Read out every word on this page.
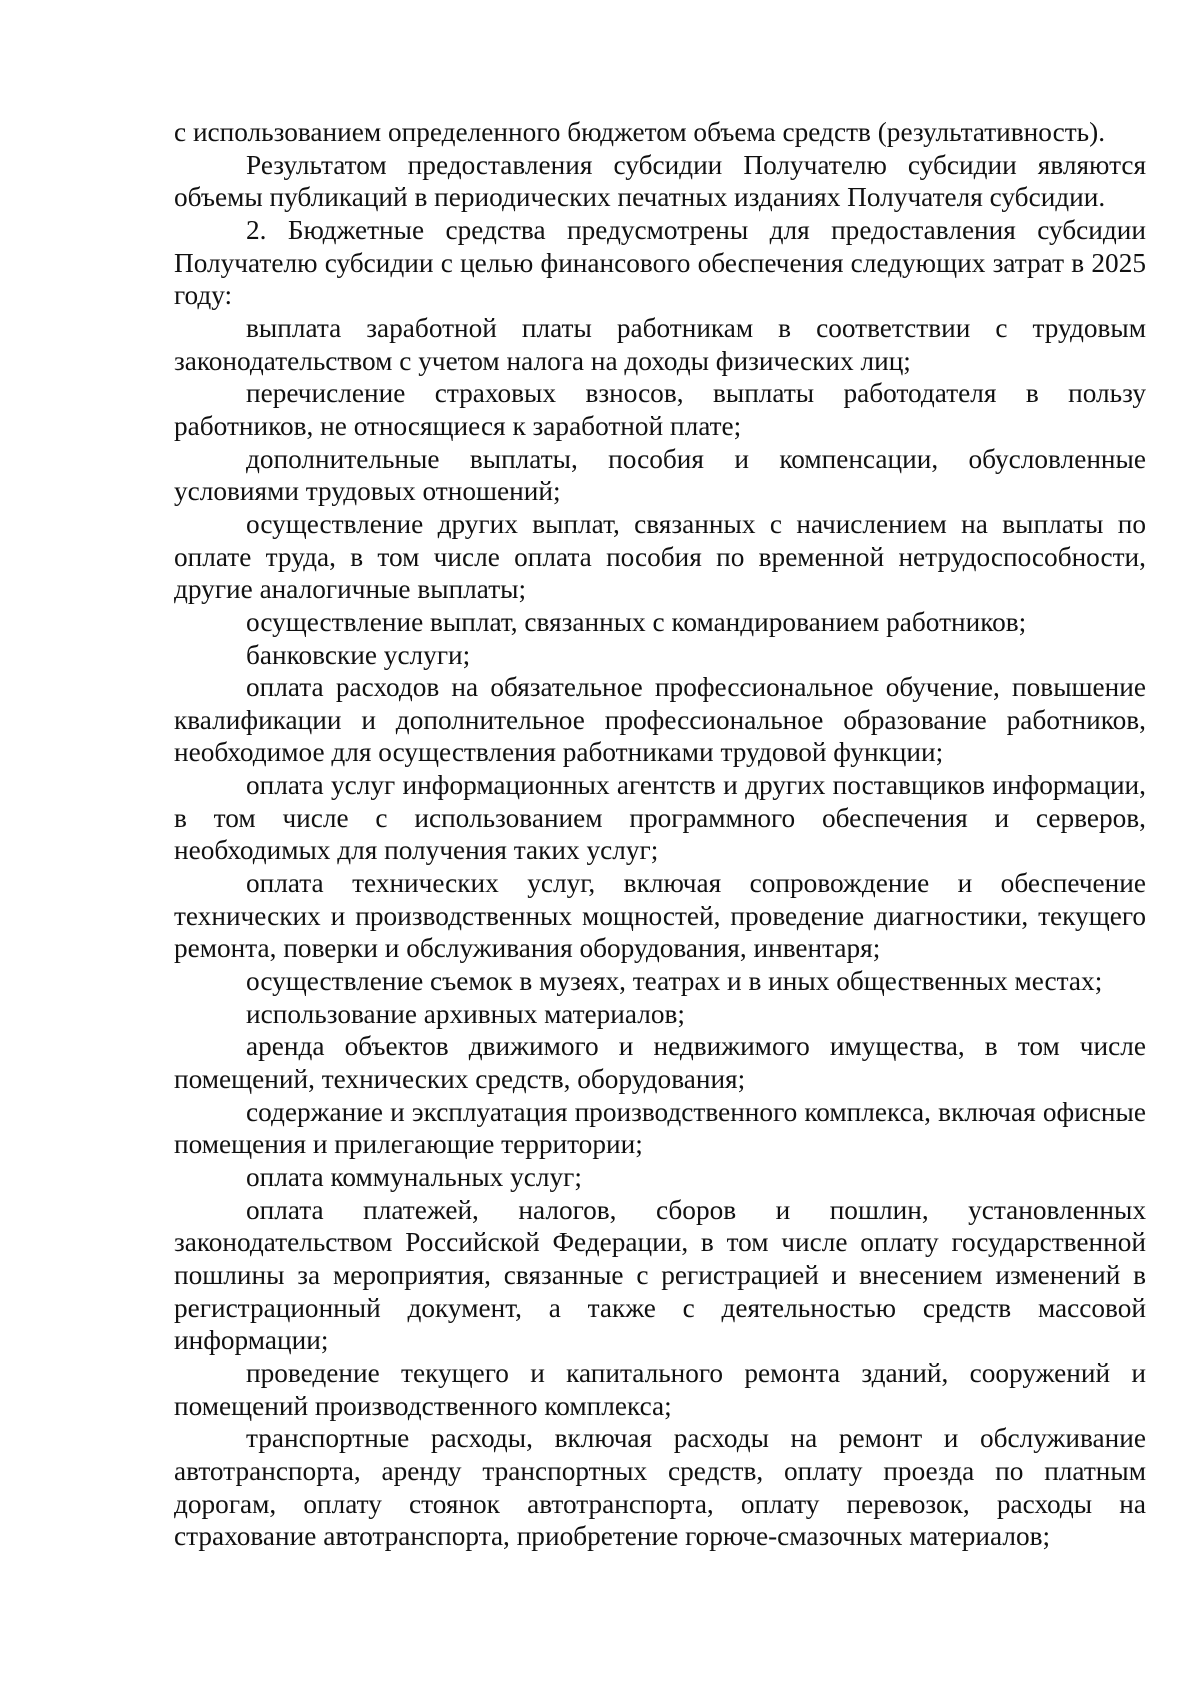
с использованием определенного бюджетом объема средств (результативность).

Результатом предоставления субсидии Получателю субсидии являются объемы публикаций в периодических печатных изданиях Получателя субсидии.

2. Бюджетные средства предусмотрены для предоставления субсидии Получателю субсидии с целью финансового обеспечения следующих затрат в 2025 году:

выплата заработной платы работникам в соответствии с трудовым законодательством с учетом налога на доходы физических лиц;

перечисление страховых взносов, выплаты работодателя в пользу работников, не относящиеся к заработной плате;

дополнительные выплаты, пособия и компенсации, обусловленные условиями трудовых отношений;

осуществление других выплат, связанных с начислением на выплаты по оплате труда, в том числе оплата пособия по временной нетрудоспособности, другие аналогичные выплаты;

осуществление выплат, связанных с командированием работников;

банковские услуги;

оплата расходов на обязательное профессиональное обучение, повышение квалификации и дополнительное профессиональное образование работников, необходимое для осуществления работниками трудовой функции;

оплата услуг информационных агентств и других поставщиков информации, в том числе с использованием программного обеспечения и серверов, необходимых для получения таких услуг;

оплата технических услуг, включая сопровождение и обеспечение технических и производственных мощностей, проведение диагностики, текущего ремонта, поверки и обслуживания оборудования, инвентаря;

осуществление съемок в музеях, театрах и в иных общественных местах;

использование архивных материалов;

аренда объектов движимого и недвижимого имущества, в том числе помещений, технических средств, оборудования;

содержание и эксплуатация производственного комплекса, включая офисные помещения и прилегающие территории;

оплата коммунальных услуг;

оплата платежей, налогов, сборов и пошлин, установленных законодательством Российской Федерации, в том числе оплату государственной пошлины за мероприятия, связанные с регистрацией и внесением изменений в регистрационный документ, а также с деятельностью средств массовой информации;

проведение текущего и капитального ремонта зданий, сооружений и помещений производственного комплекса;

транспортные расходы, включая расходы на ремонт и обслуживание автотранспорта, аренду транспортных средств, оплату проезда по платным дорогам, оплату стоянок автотранспорта, оплату перевозок, расходы на страхование автотранспорта, приобретение горюче-смазочных материалов;
